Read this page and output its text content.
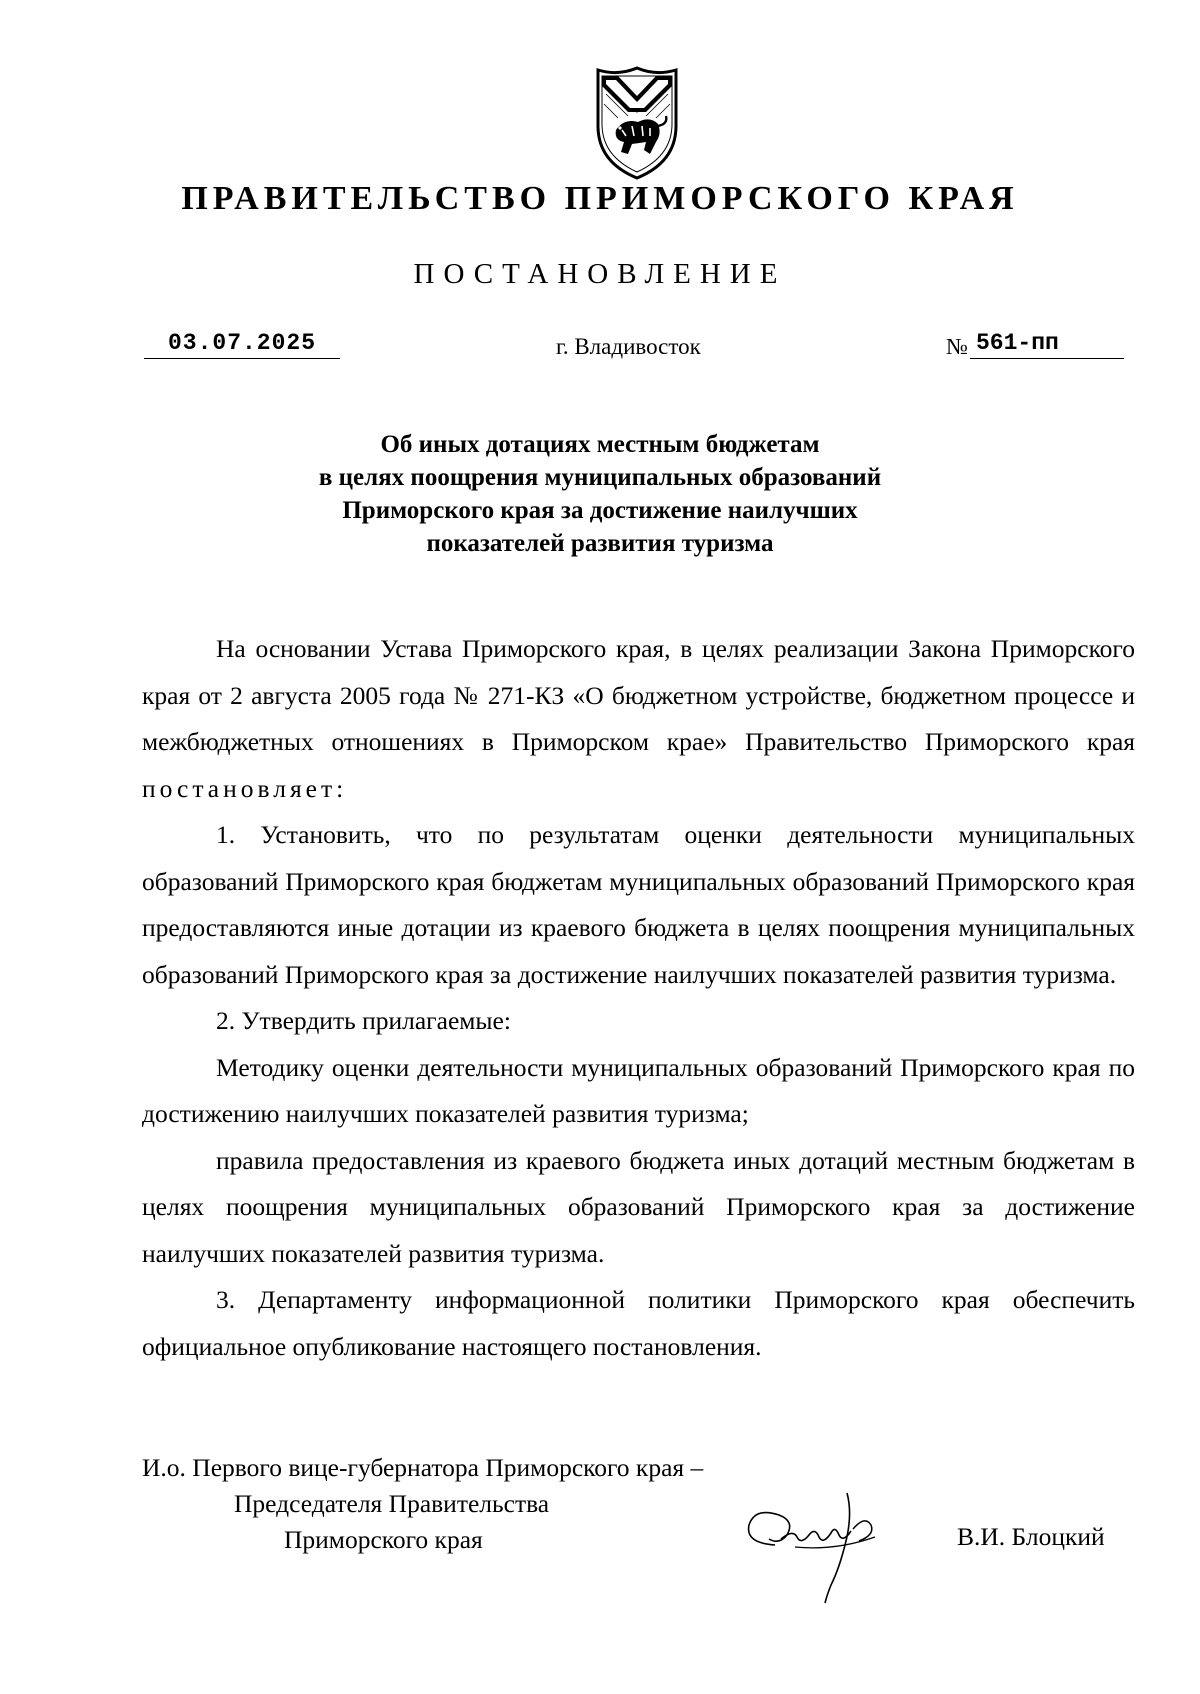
ПРАВИТЕЛЬСТВО ПРИМОРСКОГО КРАЯ
ПОСТАНОВЛЕНИЕ
03.07.2025	г. Владивосток	№ 561-пп
Об иных дотациях местным бюджетам
в целях поощрения муниципальных образований
Приморского края за достижение наилучших
показателей развития туризма

На основании Устава Приморского края, в целях реализации Закона Приморского края от 2 августа 2005 года № 271-КЗ «О бюджетном устройстве, бюджетном процессе и межбюджетных отношениях в Приморском крае» Правительство Приморского края постановляет:

1. Установить, что по результатам оценки деятельности муниципальных образований Приморского края бюджетам муниципальных образований Приморского края предоставляются иные дотации из краевого бюджета в целях поощрения муниципальных образований Приморского края за достижение наилучших показателей развития туризма.

2. Утвердить прилагаемые:

Методику оценки деятельности муниципальных образований Приморского края по достижению наилучших показателей развития туризма;

правила предоставления из краевого бюджета иных дотаций местным бюджетам в целях поощрения муниципальных образований Приморского края за достижение наилучших показателей развития туризма.

3. Департаменту информационной политики Приморского края обеспечить официальное опубликование настоящего постановления.

И.о. Первого вице-губернатора Приморского края –
Председателя Правительства
Приморского края	В.И. Блоцкий
